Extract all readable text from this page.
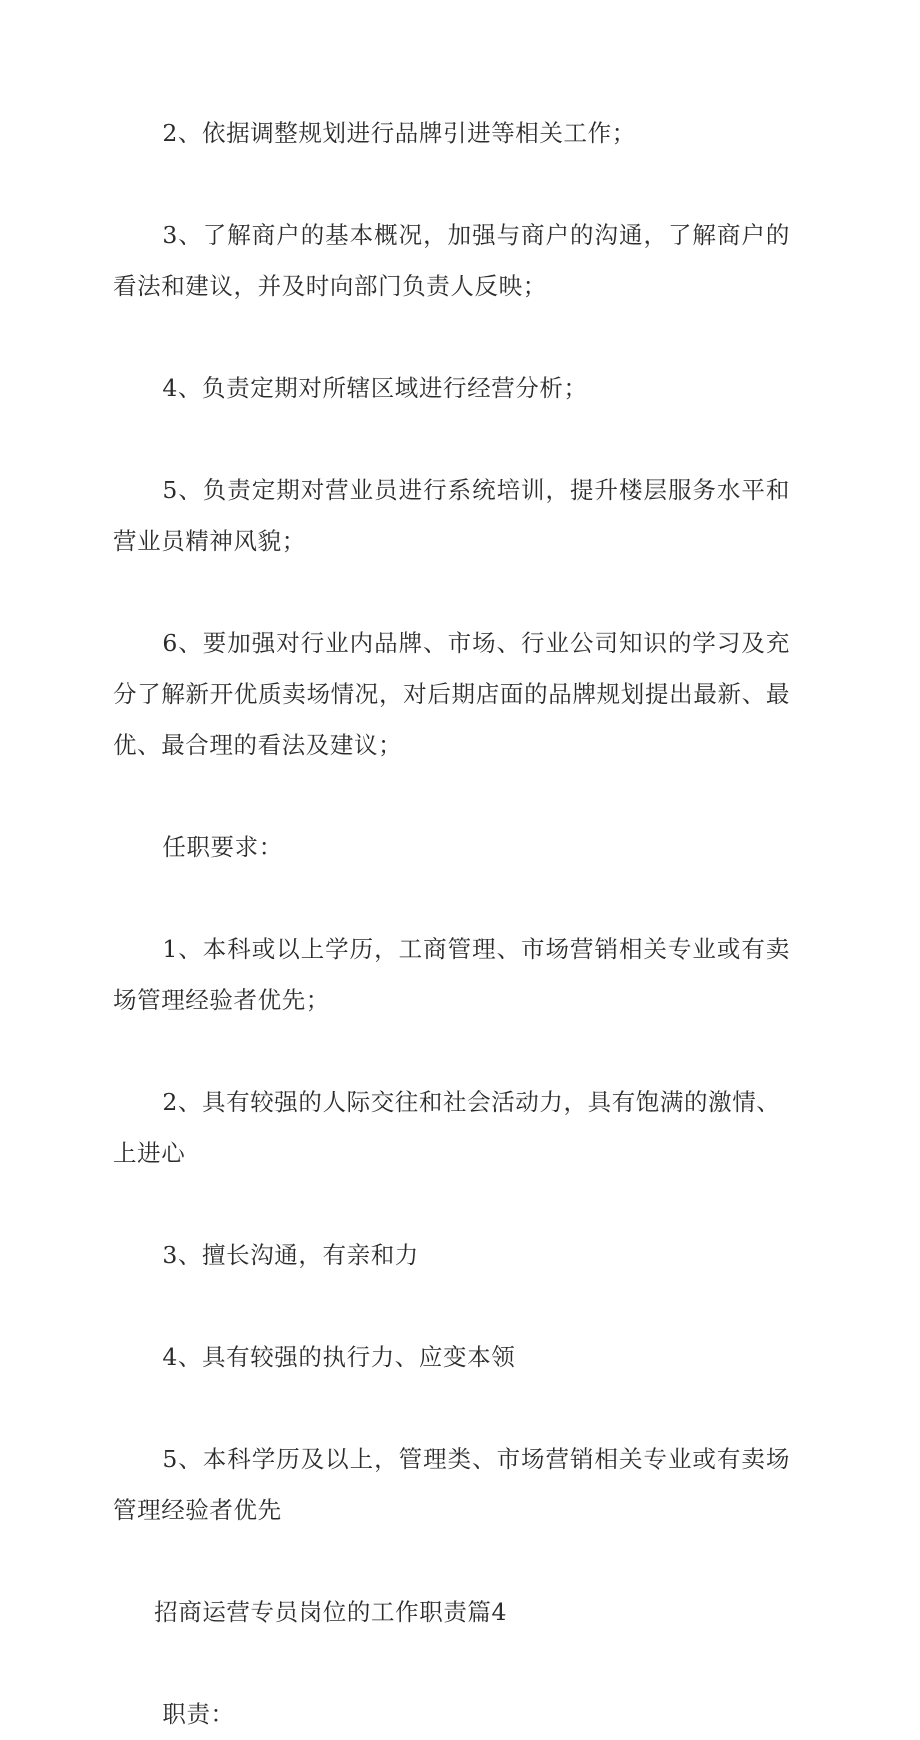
2、依据调整规划进行品牌引进等相关工作；

3、了解商户的基本概况，加强与商户的沟通，了解商户的看法和建议，并及时向部门负责人反映；

4、负责定期对所辖区域进行经营分析；

5、负责定期对营业员进行系统培训，提升楼层服务水平和营业员精神风貌；

6、要加强对行业内品牌、市场、行业公司知识的学习及充分了解新开优质卖场情况，对后期店面的品牌规划提出最新、最优、最合理的看法及建议；

任职要求：

1、本科或以上学历，工商管理、市场营销相关专业或有卖场管理经验者优先；

2、具有较强的人际交往和社会活动力，具有饱满的激情、上进心

3、擅长沟通，有亲和力

4、具有较强的执行力、应变本领

5、本科学历及以上，管理类、市场营销相关专业或有卖场管理经验者优先

招商运营专员岗位的工作职责篇4

职责：
